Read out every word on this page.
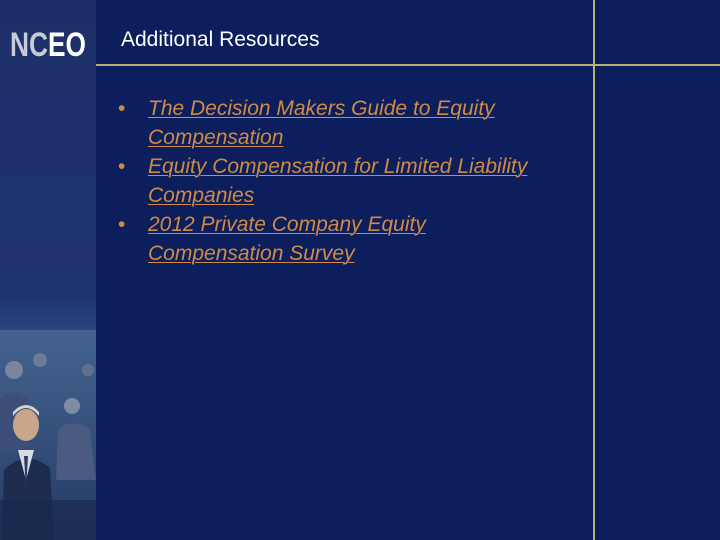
NC EO Additional Resources
• The Decision Makers Guide to Equity Compensation
• Equity Compensation for Limited Liability Companies
• 2012 Private Company Equity Compensation Survey
